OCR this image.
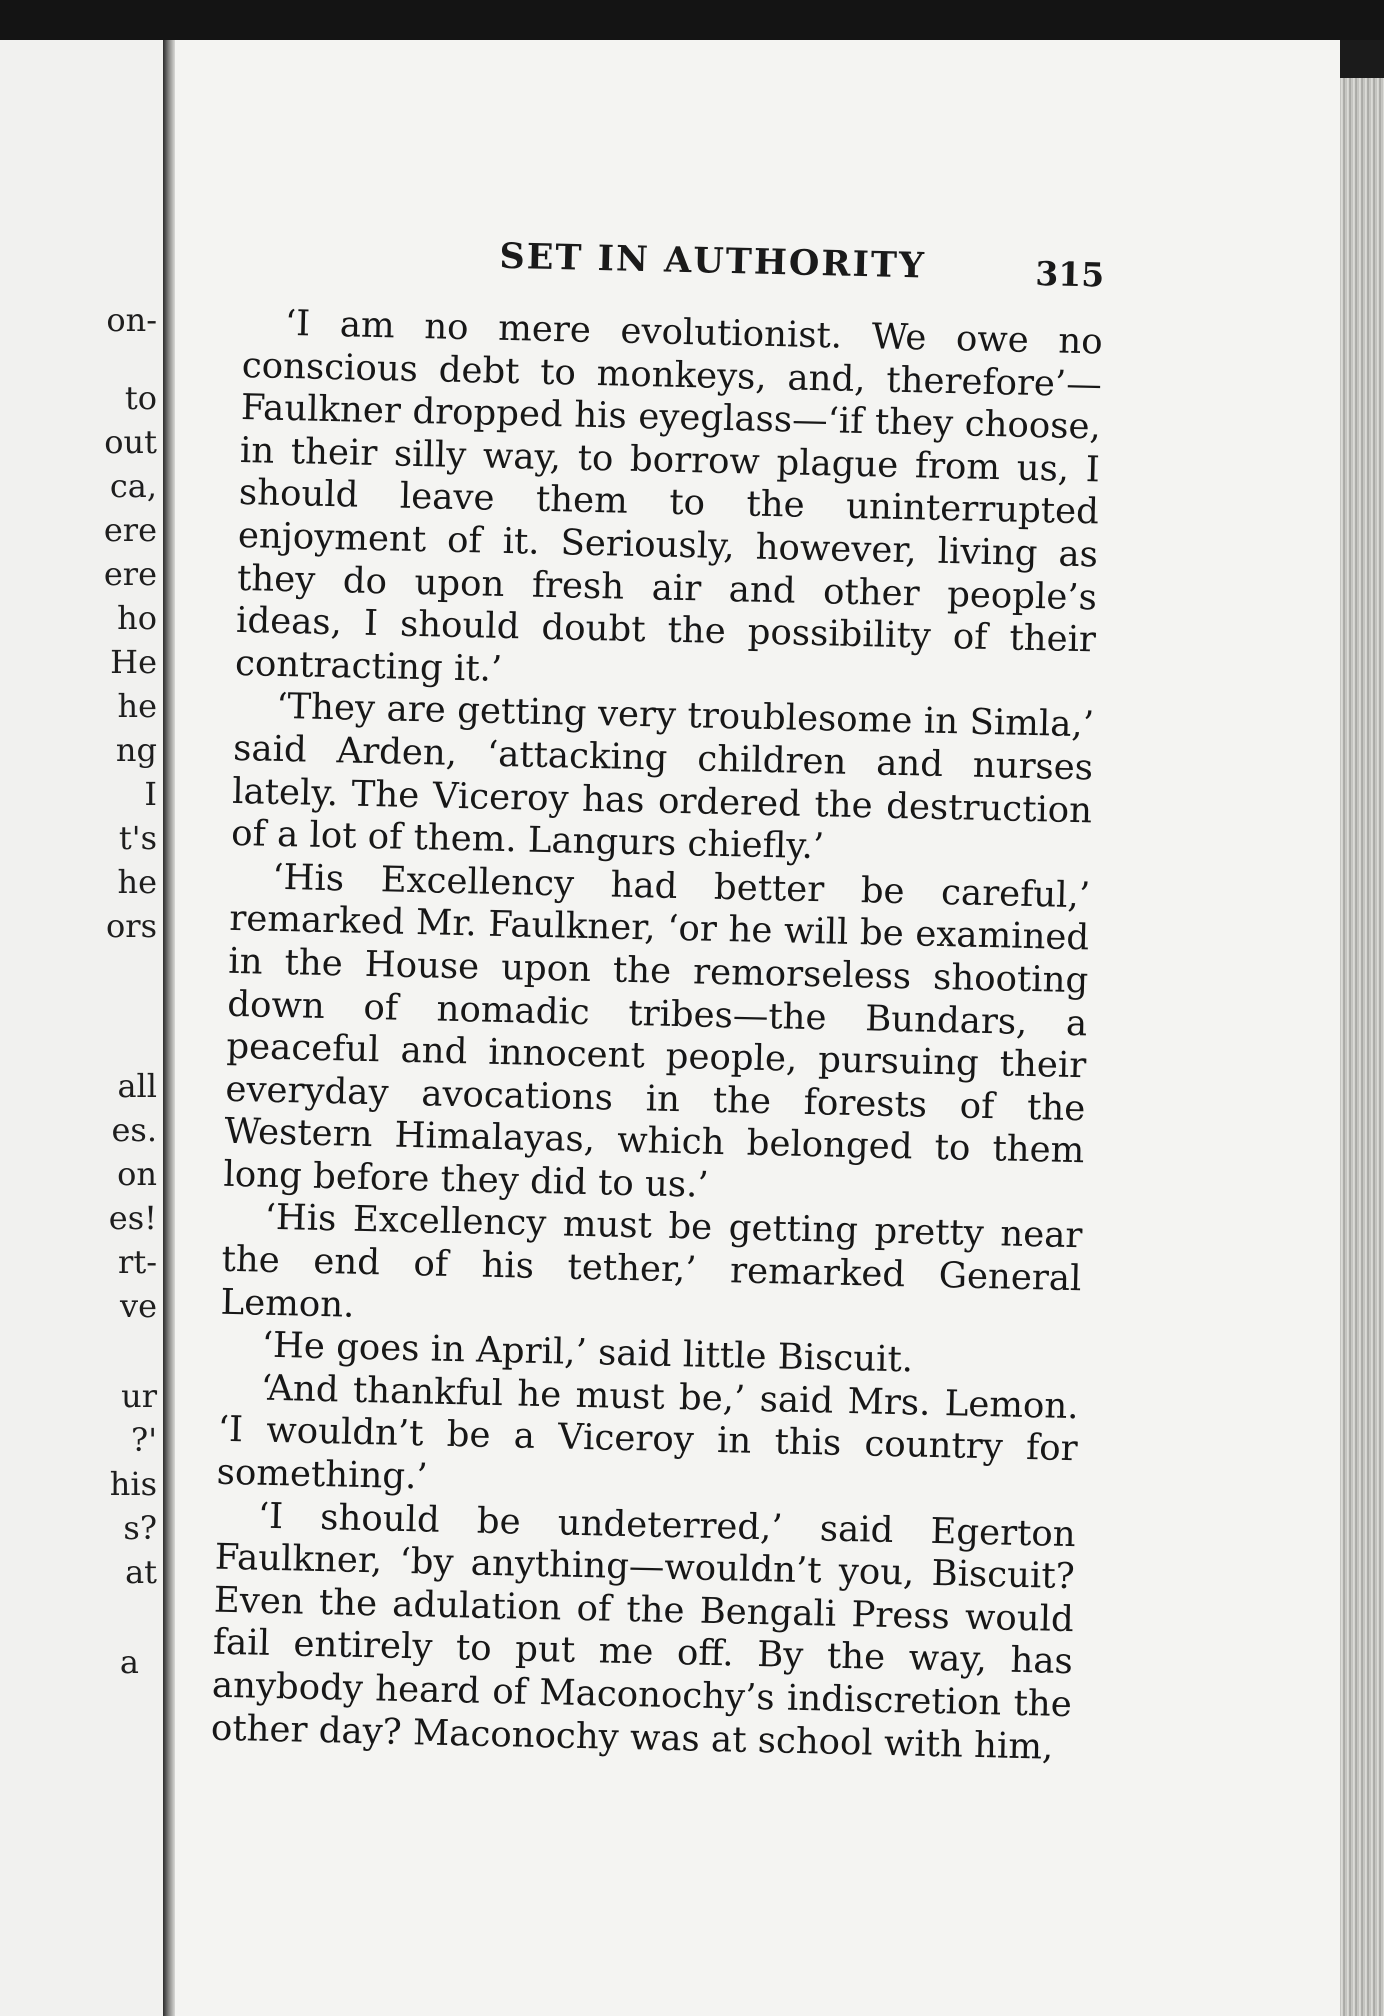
on-
to
out
ca,
ere
ere
ho
He
he
ng
I
t's
he
ors
all
es.
on
es!
rt-
ve
ur
?'
his
s?
at
a
SET IN AUTHORITY	315

‘I am no mere evolutionist. We owe no conscious debt to monkeys, and, therefore’—Faulkner dropped his eyeglass—‘if they choose, in their silly way, to borrow plague from us, I should leave them to the uninterrupted enjoyment of it. Seriously, however, living as they do upon fresh air and other people’s ideas, I should doubt the possibility of their contracting it.’

‘They are getting very troublesome in Simla,’ said Arden, ‘attacking children and nurses lately. The Viceroy has ordered the destruction of a lot of them. Langurs chiefly.’

‘His Excellency had better be careful,’ remarked Mr. Faulkner, ‘or he will be examined in the House upon the remorseless shooting down of nomadic tribes—the Bundars, a peaceful and innocent people, pursuing their everyday avocations in the forests of the Western Himalayas, which belonged to them long before they did to us.’

‘His Excellency must be getting pretty near the end of his tether,’ remarked General Lemon.

‘He goes in April,’ said little Biscuit.

‘And thankful he must be,’ said Mrs. Lemon. ‘I wouldn’t be a Viceroy in this country for something.’

‘I should be undeterred,’ said Egerton Faulkner, ‘by anything—wouldn’t you, Biscuit? Even the adulation of the Bengali Press would fail entirely to put me off. By the way, has anybody heard of Maconochy’s indiscretion the other day? Maconochy was at school with him,
